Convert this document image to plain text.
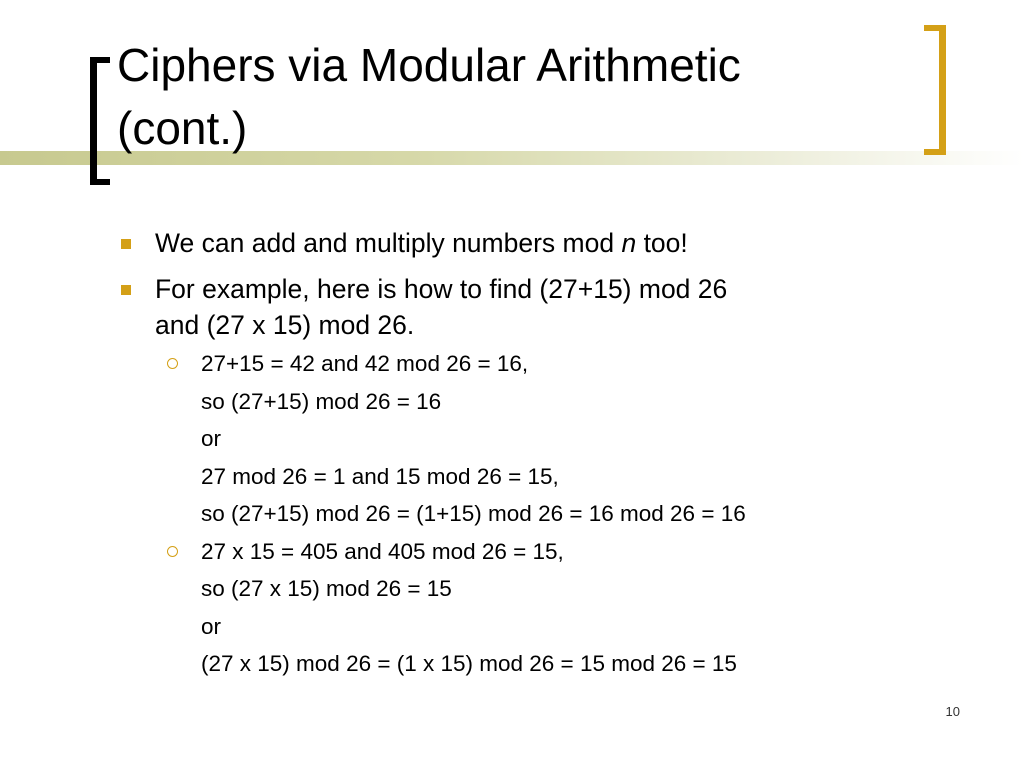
Ciphers via Modular Arithmetic
(cont.)
We can add and multiply numbers mod n too!
For example, here is how to find (27+15) mod 26
and (27 x 15) mod 26.
27+15 = 42 and 42 mod 26 = 16,
so (27+15) mod 26 = 16
or
27 mod 26 = 1 and 15 mod 26 = 15,
so (27+15) mod 26 = (1+15) mod 26 = 16 mod 26 = 16
27 x 15 = 405 and 405 mod 26 = 15,
so (27 x 15) mod 26 = 15
or
(27 x 15) mod 26 = (1 x 15) mod 26 = 15 mod 26 = 15
10
